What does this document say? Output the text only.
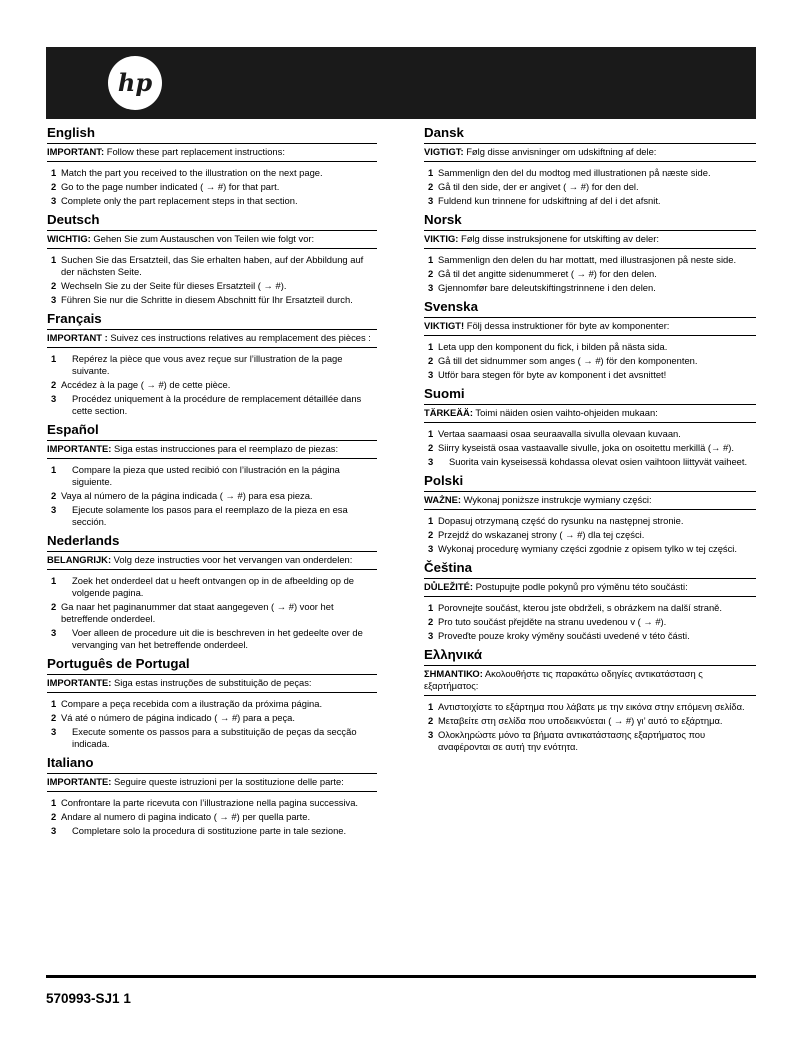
hp
English
IMPORTANT: Follow these part replacement instructions:
1 Match the part you received to the illustration on the next page.
2 Go to the page number indicated ( → #) for that part.
3 Complete only the part replacement steps in that section.
Deutsch
WICHTIG: Gehen Sie zum Austauschen von Teilen wie folgt vor:
1 Suchen Sie das Ersatzteil, das Sie erhalten haben, auf der Abbildung auf der nächsten Seite.
2 Wechseln Sie zu der Seite für dieses Ersatzteil ( → #).
3 Führen Sie nur die Schritte in diesem Abschnitt für Ihr Ersatzteil durch.
Français
IMPORTANT : Suivez ces instructions relatives au remplacement des pièces :
1	Repérez la pièce que vous avez reçue sur l’illustration de la page suivante.
2 Accédez à la page ( → #) de cette pièce.
3	Procédez uniquement à la procédure de remplacement détaillée dans cette section.
Español
IMPORTANTE: Siga estas instrucciones para el reemplazo de piezas:
1	Compare la pieza que usted recibió con l’ilustración en la página siguiente.
2 Vaya al número de la página indicada ( → #) para esa pieza.
3	Ejecute solamente los pasos para el reemplazo de la pieza en esa sección.
Nederlands
BELANGRIJK: Volg deze instructies voor het vervangen van onderdelen:
1	Zoek het onderdeel dat u heeft ontvangen op in de afbeelding op de volgende pagina.
2 Ga naar het paginanummer dat staat aangegeven ( → #) voor het betreffende onderdeel.
3	Voer alleen de procedure uit die is beschreven in het gedeelte over de vervanging van het betreffende onderdeel.
Português de Portugal
IMPORTANTE: Siga estas instruções de substituição de peças:
1 Compare a peça recebida com a ilustração da próxima página.
2 Vá até o número de página indicado ( → #) para a peça.
3	Execute somente os passos para a substituição de peças da secção indicada.
Italiano
IMPORTANTE: Seguire queste istruzioni per la sostituzione delle parte:
1 Confrontare la parte ricevuta con l’illustrazione nella pagina successiva.
2 Andare al numero di pagina indicato ( → #) per quella parte.
3	Completare solo la procedura di sostituzione parte in tale sezione.
Dansk
VIGTIGT: Følg disse anvisninger om udskiftning af dele:
1 Sammenlign den del du modtog med illustrationen på næste side.
2 Gå til den side, der er angivet ( → #) for den del.
3 Fuldend kun trinnene for udskiftning af del i det afsnit.
Norsk
VIKTIG: Følg disse instruksjonene for utskifting av deler:
1 Sammenlign den delen du har mottatt, med illustrasjonen på neste side.
2 Gå til det angitte sidenummeret ( → #) for den delen.
3 Gjennomfør bare deleutskiftingstrinnene i den delen.
Svenska
VIKTIGT! Följ dessa instruktioner för byte av komponenter:
1 Leta upp den komponent du fick, i bilden på nästa sida.
2 Gå till det sidnummer som anges ( → #) för den komponenten.
3 Utför bara stegen för byte av komponent i det avsnittet!
Suomi
TÄRKEÄÄ: Toimi näiden osien vaihto-ohjeiden mukaan:
1 Vertaa saamaasi osaa seuraavalla sivulla olevaan kuvaan.
2 Siirry kyseistä osaa vastaavalle sivulle, joka on osoitettu merkillä (→ #).
3	Suorita vain kyseisessä kohdassa olevat osien vaihtoon liittyvät vaiheet.
Polski
WAŻNE: Wykonaj poniższe instrukcje wymiany części:
1 Dopasuj otrzymaną część do rysunku na następnej stronie.
2 Przejdź do wskazanej strony ( → #) dla tej części.
3 Wykonaj procedurę wymiany części zgodnie z opisem tylko w tej części.
Čeština
DŮLEŽITÉ: Postupujte podle pokynů pro výměnu této součásti:
1 Porovnejte součást, kterou jste obdrželi, s obrázkem na další straně.
2 Pro tuto součást přejděte na stranu uvedenou v ( → #).
3 Proveďte pouze kroky výměny součásti uvedené v této části.
Ελληνικά
ΣΗΜΑΝΤΙΚΟ: Ακολουθήστε τις παρακάτω οδηγίες αντικατάσταση ς εξαρτήματος:
1 Αντιστοιχίστε το εξάρτημα που λάβατε με την εικόνα στην επόμενη σελίδα.
2 Μεταβείτε στη σελίδα που υποδεικνύεται ( → #) γι’ αυτό το εξάρτημα.
3 Ολοκληρώστε μόνο τα βήματα αντικατάστασης εξαρτήματος που αναφέρονται σε αυτή την ενότητα.
570993-SJ1 1
